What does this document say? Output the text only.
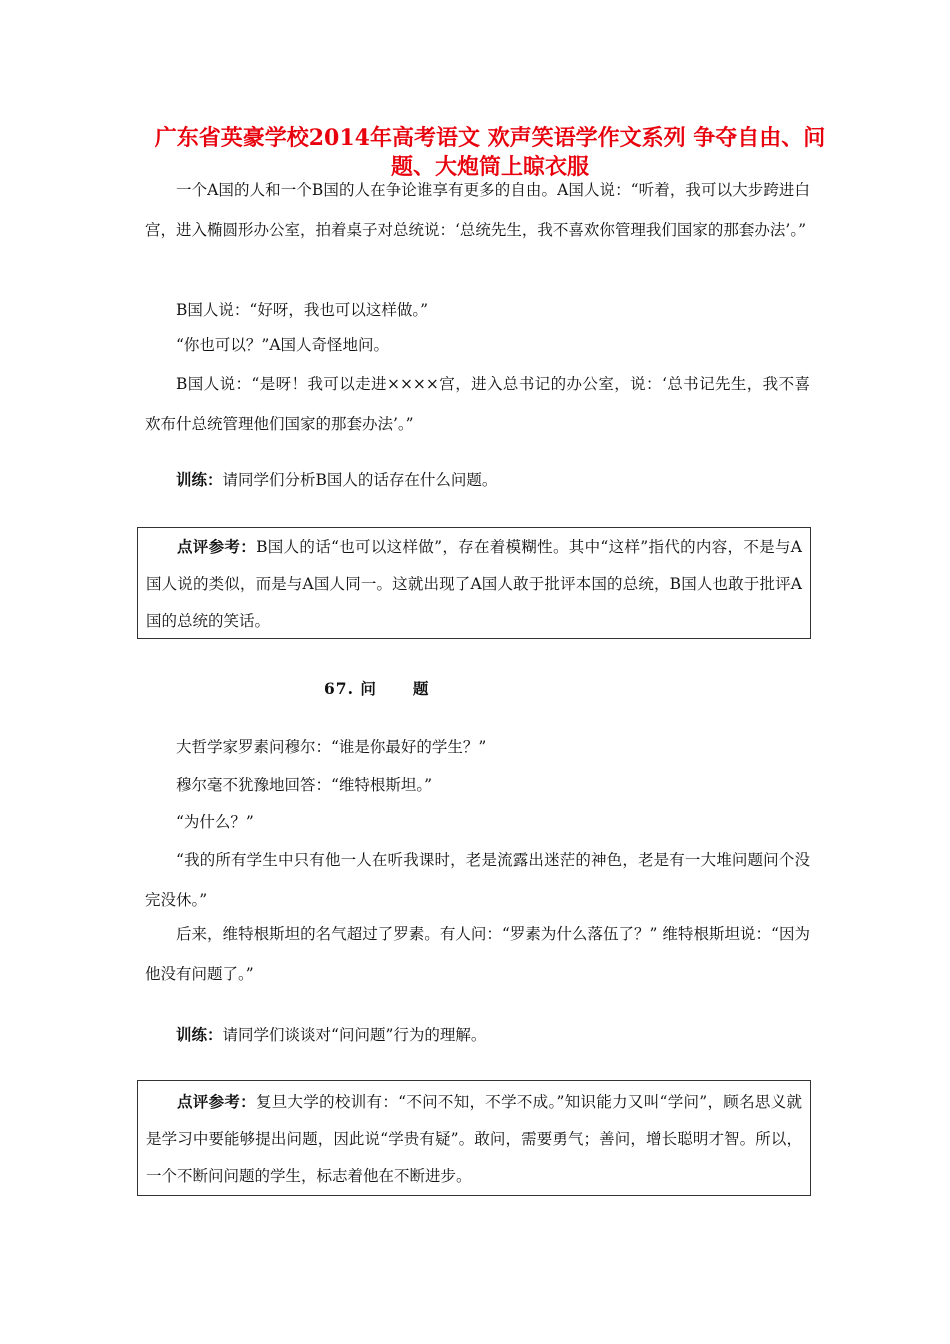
广东省英豪学校2014年高考语文 欢声笑语学作文系列 争夺自由、问题、大炮筒上晾衣服

一个A国的人和一个B国的人在争论谁享有更多的自由。A国人说：“听着，我可以大步跨进白宫，进入椭圆形办公室，拍着桌子对总统说：‘总统先生，我不喜欢你管理我们国家的那套办法’。”

B国人说：“好呀，我也可以这样做。”

“你也可以？”A国人奇怪地问。

B国人说：“是呀！我可以走进××××宫，进入总书记的办公室，说：‘总书记先生，我不喜欢布什总统管理他们国家的那套办法’。”

训练：请同学们分析B国人的话存在什么问题。

点评参考：B国人的话“也可以这样做”，存在着模糊性。其中“这样”指代的内容，不是与A国人说的类似，而是与A国人同一。这就出现了A国人敢于批评本国的总统，B国人也敢于批评A国的总统的笑话。

67. 问 题

大哲学家罗素问穆尔：“谁是你最好的学生？”

穆尔毫不犹豫地回答：“维特根斯坦。”

“为什么？”

“我的所有学生中只有他一人在听我课时，老是流露出迷茫的神色，老是有一大堆问题问个没完没休。”

后来，维特根斯坦的名气超过了罗素。有人问：“罗素为什么落伍了？” 维特根斯坦说：“因为他没有问题了。”

训练：请同学们谈谈对“问问题”行为的理解。

点评参考：复旦大学的校训有：“不问不知，不学不成。”知识能力又叫“学问”，顾名思义就是学习中要能够提出问题，因此说“学贵有疑”。敢问，需要勇气；善问，增长聪明才智。所以，一个不断问问题的学生，标志着他在不断进步。
